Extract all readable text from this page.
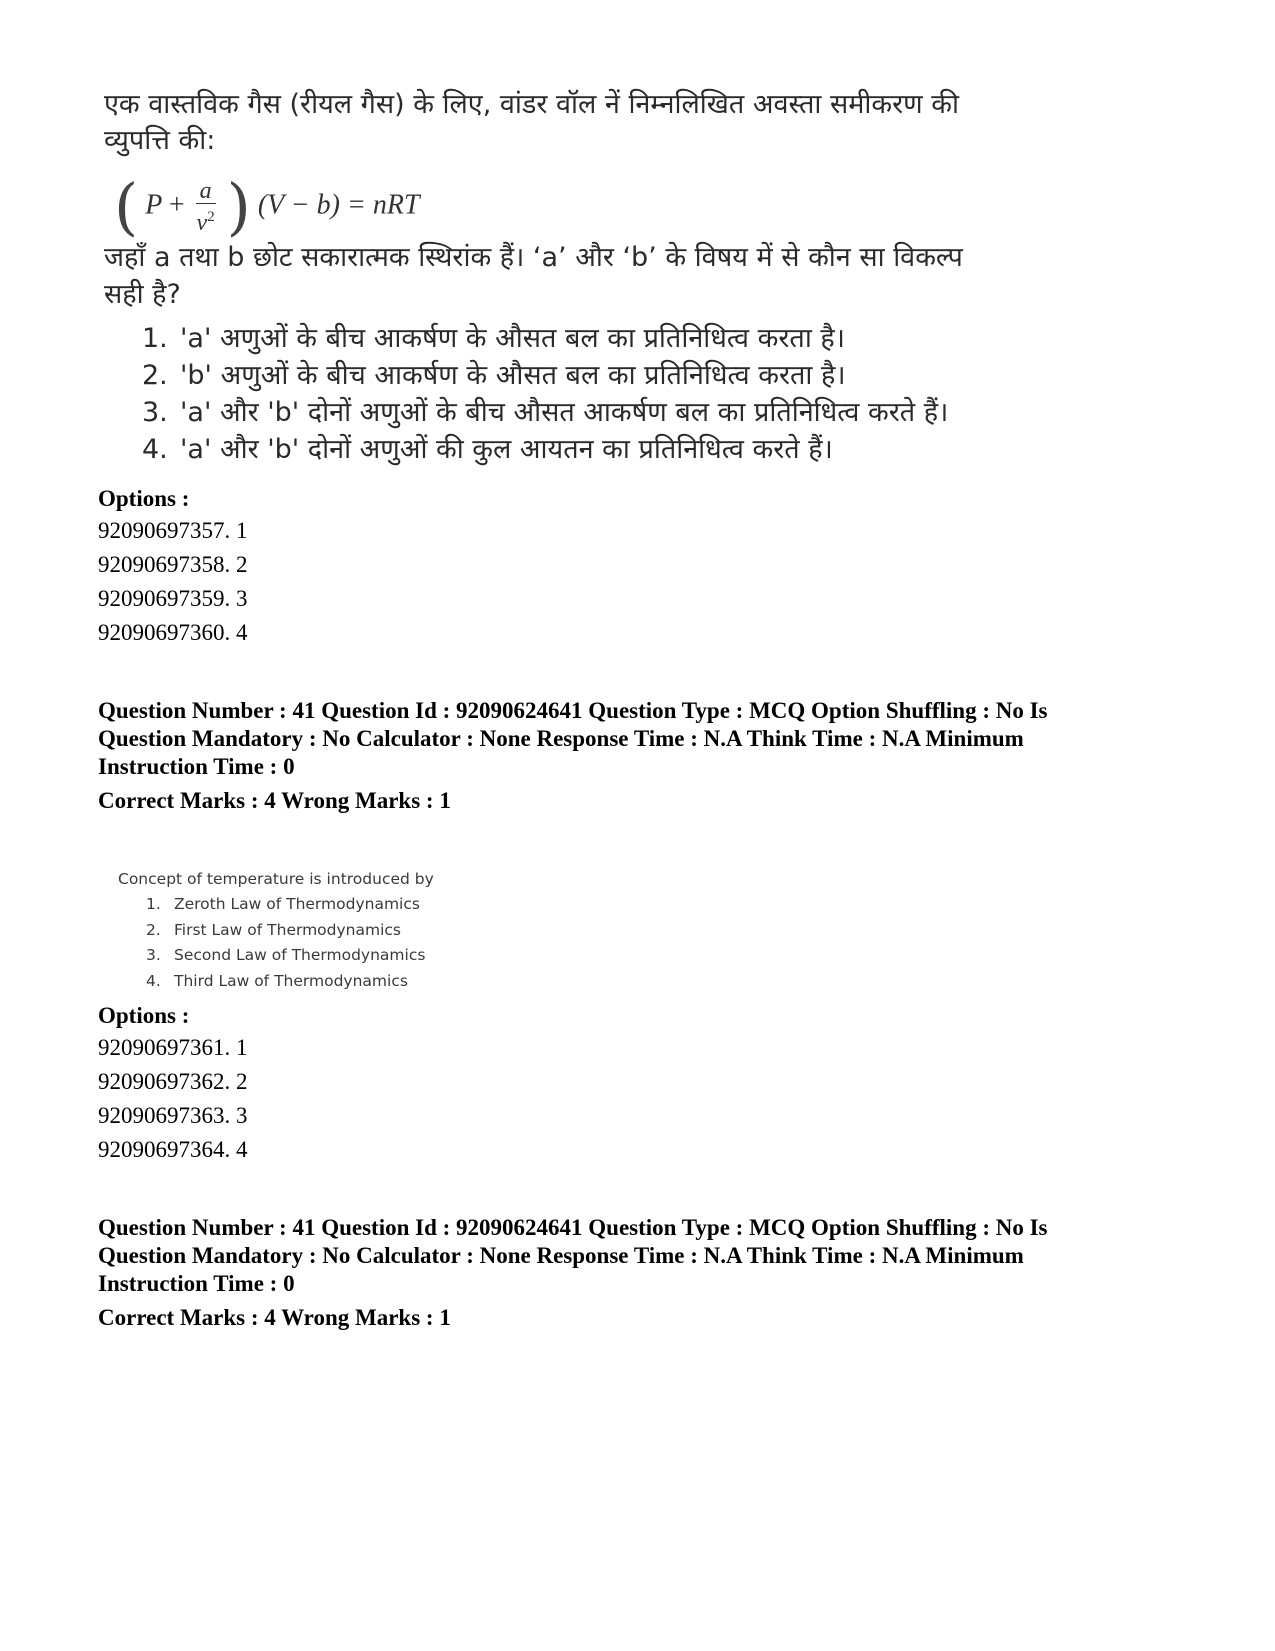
एक वास्तविक गैस (रीयल गैस) के लिए, वांडर वॉल नें निम्नलिखित अवस्ता समीकरण की
व्युपत्ति की:
( $P + \frac{a}{v^2}$ ) (V − b) = nRT
जहाँ a तथा b छोट सकारात्मक स्थिरांक हैं। ‘a’ और ‘b’ के विषय में से कौन सा विकल्प
सही है?
1. 'a' अणुओं के बीच आकर्षण के औसत बल का प्रतिनिधित्व करता है।
2. 'b' अणुओं के बीच आकर्षण के औसत बल का प्रतिनिधित्व करता है।
3. 'a' और 'b' दोनों अणुओं के बीच औसत आकर्षण बल का प्रतिनिधित्व करते हैं।
4. 'a' और 'b' दोनों अणुओं की कुल आयतन का प्रतिनिधित्व करते हैं।
Options :
92090697357. 1
92090697358. 2
92090697359. 3
92090697360. 4
Question Number : 41 Question Id : 92090624641 Question Type : MCQ Option Shuffling : No Is Question Mandatory : No Calculator : None Response Time : N.A Think Time : N.A Minimum Instruction Time : 0
Correct Marks : 4 Wrong Marks : 1
Concept of temperature is introduced by
1. Zeroth Law of Thermodynamics
2. First Law of Thermodynamics
3. Second Law of Thermodynamics
4. Third Law of Thermodynamics
Options :
92090697361. 1
92090697362. 2
92090697363. 3
92090697364. 4
Question Number : 41 Question Id : 92090624641 Question Type : MCQ Option Shuffling : No Is Question Mandatory : No Calculator : None Response Time : N.A Think Time : N.A Minimum Instruction Time : 0
Correct Marks : 4 Wrong Marks : 1
